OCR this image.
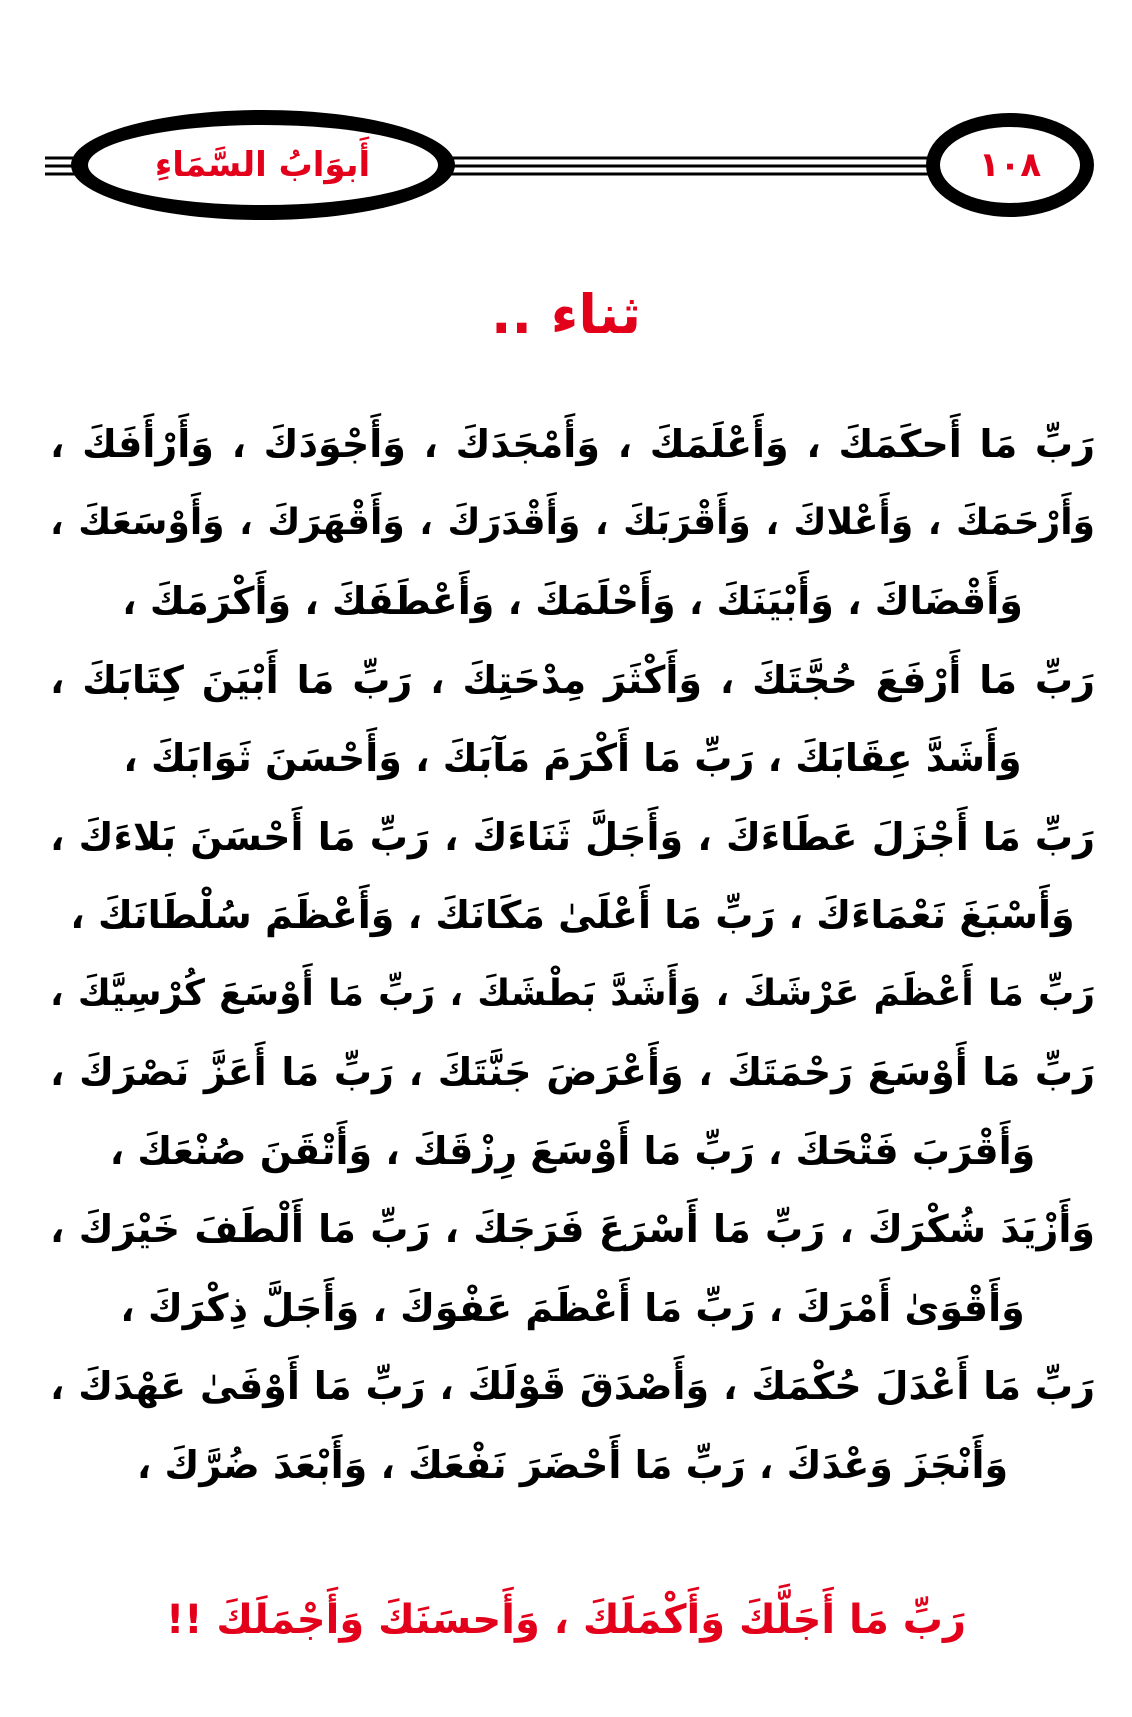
أَبوَابُ السَّمَاءِ	١٠٨
ثناء ..
رَبِّ مَا أَحكَمَكَ ، وَأَعْلَمَكَ ، وَأَمْجَدَكَ ، وَأَجْوَدَكَ ، وَأَرْأَفَكَ ،
وَأَرْحَمَكَ ، وَأَعْلاكَ ، وَأَقْرَبَكَ ، وَأَقْدَرَكَ ، وَأَقْهَرَكَ ، وَأَوْسَعَكَ ،
وَأَقْضَاكَ ، وَأَبْيَنَكَ ، وَأَحْلَمَكَ ، وَأَعْطَفَكَ ، وَأَكْرَمَكَ ،
رَبِّ مَا أَرْفَعَ حُجَّتَكَ ، وَأَكْثَرَ مِدْحَتِكَ ، رَبِّ مَا أَبْيَنَ كِتَابَكَ ،
وَأَشَدَّ عِقَابَكَ ، رَبِّ مَا أَكْرَمَ مَآبَكَ ، وَأَحْسَنَ ثَوَابَكَ ،
رَبِّ مَا أَجْزَلَ عَطَاءَكَ ، وَأَجَلَّ ثَنَاءَكَ ، رَبِّ مَا أَحْسَنَ بَلاءَكَ ،
وَأَسْبَغَ نَعْمَاءَكَ ، رَبِّ مَا أَعْلَىٰ مَكَانَكَ ، وَأَعْظَمَ سُلْطَانَكَ ،
رَبِّ مَا أَعْظَمَ عَرْشَكَ ، وَأَشَدَّ بَطْشَكَ ، رَبِّ مَا أَوْسَعَ كُرْسِيَّكَ ،
رَبِّ مَا أَوْسَعَ رَحْمَتَكَ ، وَأَعْرَضَ جَنَّتَكَ ، رَبِّ مَا أَعَزَّ نَصْرَكَ ،
وَأَقْرَبَ فَتْحَكَ ، رَبِّ مَا أَوْسَعَ رِزْقَكَ ، وَأَتْقَنَ صُنْعَكَ ،
وَأَزْيَدَ شُكْرَكَ ، رَبِّ مَا أَسْرَعَ فَرَجَكَ ، رَبِّ مَا أَلْطَفَ خَيْرَكَ ،
وَأَقْوَىٰ أَمْرَكَ ، رَبِّ مَا أَعْظَمَ عَفْوَكَ ، وَأَجَلَّ ذِكْرَكَ ،
رَبِّ مَا أَعْدَلَ حُكْمَكَ ، وَأَصْدَقَ قَوْلَكَ ، رَبِّ مَا أَوْفَىٰ عَهْدَكَ ،
وَأَنْجَزَ وَعْدَكَ ، رَبِّ مَا أَحْضَرَ نَفْعَكَ ، وَأَبْعَدَ ضُرَّكَ ،
رَبِّ مَا أَجَلَّكَ وَأَكْمَلَكَ ، وَأَحسَنَكَ وَأَجْمَلَكَ !!
